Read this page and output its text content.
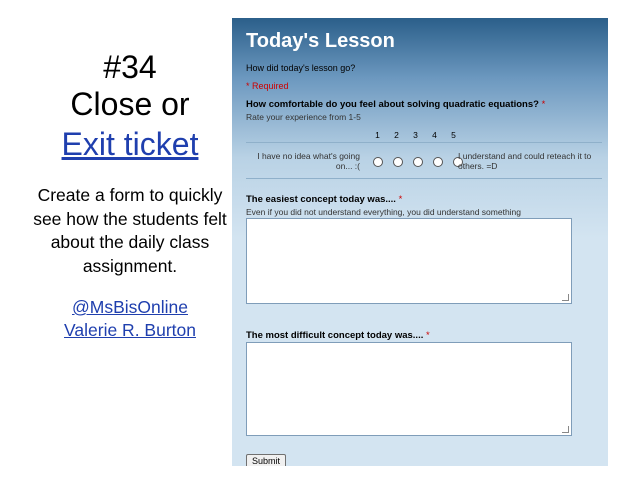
#34
Close or
Exit ticket
Create a form to quickly see how the students felt about the daily class assignment.
@MsBisOnline
Valerie R. Burton
Today's Lesson
How did today's lesson go?
* Required
How comfortable do you feel about solving quadratic equations? *
Rate your experience from 1-5
1 2 3 4 5
I have no idea what's going on... :(
I understand and could reteach it to others. =D
The easiest concept today was.... *
Even if you did not understand everything, you did understand something
The most difficult concept today was.... *
Submit
